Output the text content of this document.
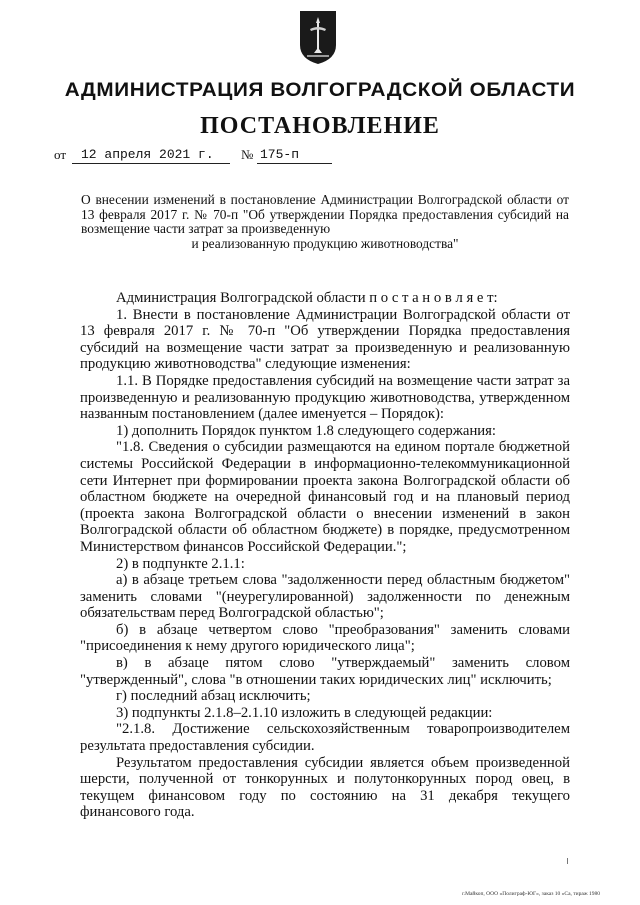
АДМИНИСТРАЦИЯ ВОЛГОГРАДСКОЙ ОБЛАСТИ
ПОСТАНОВЛЕНИЕ
от 12 апреля 2021 г. № 175-п
О внесении изменений в постановление Администрации Волгоградской области от 13 февраля 2017 г. № 70-п "Об утверждении Порядка предоставления субсидий на возмещение части затрат за произведенную
и реализованную продукцию животноводства"

Администрация Волгоградской области п о с т а н о в л я е т:

1. Внести в постановление Администрации Волгоградской области от 13 февраля 2017 г. № 70-п "Об утверждении Порядка предоставления субсидий на возмещение части затрат за произведенную и реализованную продукцию животноводства" следующие изменения:

1.1. В Порядке предоставления субсидий на возмещение части затрат за произведенную и реализованную продукцию животноводства, утвержденном названным постановлением (далее именуется – Порядок):

1) дополнить Порядок пунктом 1.8 следующего содержания:

"1.8. Сведения о субсидии размещаются на едином портале бюджетной системы Российской Федерации в информационно-телекоммуникационной сети Интернет при формировании проекта закона Волгоградской области об областном бюджете на очередной финансовый год и на плановый период (проекта закона Волгоградской области о внесении изменений в закон Волгоградской области об областном бюджете) в порядке, предусмотренном Министерством финансов Российской Федерации.";

2) в подпункте 2.1.1:

а) в абзаце третьем слова "задолженности перед областным бюджетом" заменить словами "(неурегулированной) задолженности по денежным обязательствам перед Волгоградской областью";

б) в абзаце четвертом слово "преобразования" заменить словами "присоединения к нему другого юридического лица";

в) в абзаце пятом слово "утверждаемый" заменить словом "утвержденный", слова "в отношении таких юридических лиц" исключить;

г) последний абзац исключить;

3) подпункты 2.1.8–2.1.10 изложить в следующей редакции:

"2.1.8. Достижение сельскохозяйственным товаропроизводителем результата предоставления субсидии.

Результатом предоставления субсидии является объем произведенной шерсти, полученной от тонкорунных и полутонкорунных пород овец, в текущем финансовом году по состоянию на 31 декабря текущего финансового года.

г.Майкоп, ООО «Полиграф-ЮГ», заказ 10 «Ca, тираж 1980
